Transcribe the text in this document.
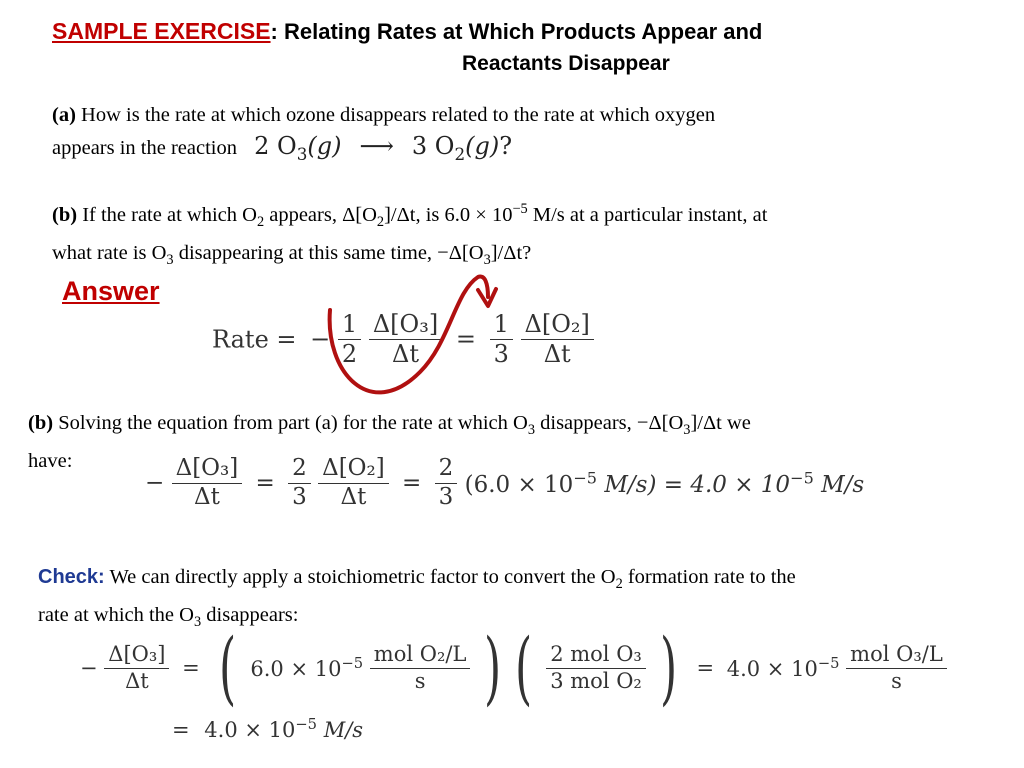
SAMPLE EXERCISE: Relating Rates at Which Products Appear and
Reactants Disappear
(a) How is the rate at which ozone disappears related to the rate at which oxygen
appears in the reaction 2 $O_3(g)$ ⟶ 3 $O_2(g)$?
(b) If the rate at which $O_2$ appears, $\Delta[O_2]/\Delta t$, is $6.0 \times 10^{-5}$ M/s at a particular instant, at
what rate is $O_3$ disappearing at this same time, $-\Delta[O_3]/\Delta t$?
Answer
Rate = − $\frac{1}{2}$
$\frac{\text{Δ[O₃]}}{\Delta t} = \frac{1}{3}$
$\frac{\text{Δ[O₂]}}{\Delta t}$
(b) Solving the equation from part (a) for the rate at which $O_3$ disappears, $-\Delta[O_3]/\Delta t$ we
have:
− $\frac{\text{Δ[O₃]}}{\Delta t} = \frac{2}{3}$
$\frac{\text{Δ[O₂]}}{\Delta t} = \frac{2}{3} (6.0 \times 10^{-5}$ $M/s) = 4.0 \times 10^{-5}$ M/s
Check: We can directly apply a stoichiometric factor to convert the $O_2$ formation rate to the
rate at which the $O_3$ disappears:
− $\frac{\text{Δ[O₃]}}{\Delta t}$ = ( $6.0 \times 10^{-5} \frac{\text{mol O₂/L}}{s}$ ) ( $\frac{\text{2 mol O₃}}{\text{3 mol O₂}}$ ) = $4.0 \times 10^{-5} \frac{\text{mol O₃/L}}{s}$
= $4.0 \times 10^{-5}$ M/s
